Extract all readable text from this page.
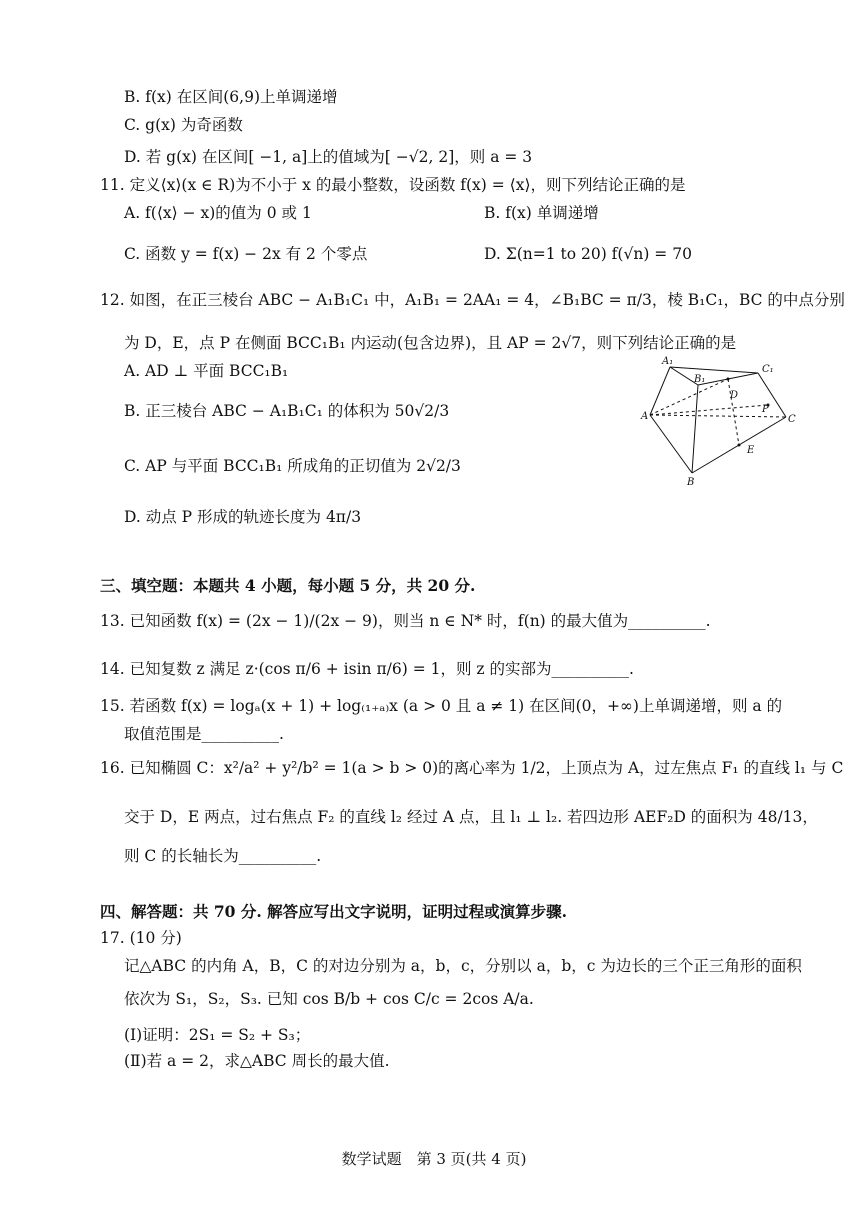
B. f(x) 在区间(6,9)上单调递增
C. g(x) 为奇函数
D. 若 g(x) 在区间[ −1, a]上的值域为[ −√2, 2]，则 a = 3
11. 定义⟨x⟩(x ∈ R)为不小于 x 的最小整数，设函数 f(x) = ⟨x⟩，则下列结论正确的是
A. f(⟨x⟩ − x)的值为 0 或 1	B. f(x) 单调递增
C. 函数 y = f(x) − 2x 有 2 个零点	D. Σ(n=1 to 20) f(√n) = 70
12. 如图，在正三棱台 ABC − A₁B₁C₁ 中，A₁B₁ = 2AA₁ = 4，∠B₁BC = π/3，棱 B₁C₁，BC 的中点分别
为 D，E，点 P 在侧面 BCC₁B₁ 内运动(包含边界)，且 AP = 2√7，则下列结论正确的是
A. AD ⊥ 平面 BCC₁B₁
B. 正三棱台 ABC − A₁B₁C₁ 的体积为 50√2/3
C. AP 与平面 BCC₁B₁ 所成角的正切值为 2√2/3
D. 动点 P 形成的轨迹长度为 4π/3
A₁
B₁
C₁
D
P
A	C
E
B
三、填空题：本题共 4 小题，每小题 5 分，共 20 分.
13. 已知函数 f(x) = (2x − 1)/(2x − 9)，则当 n ∈ N* 时，f(n) 的最大值为__________.
14. 已知复数 z 满足 z·(cos π/6 + isin π/6) = 1，则 z 的实部为__________.
15. 若函数 f(x) = logₐ(x + 1) + log₍₁₊ₐ₎x (a > 0 且 a ≠ 1) 在区间(0，+∞)上单调递增，则 a 的
取值范围是__________.
16. 已知椭圆 C：x²/a² + y²/b² = 1(a > b > 0)的离心率为 1/2，上顶点为 A，过左焦点 F₁ 的直线 l₁ 与 C
交于 D，E 两点，过右焦点 F₂ 的直线 l₂ 经过 A 点，且 l₁ ⊥ l₂. 若四边形 AEF₂D 的面积为 48/13，
则 C 的长轴长为__________.
四、解答题：共 70 分. 解答应写出文字说明，证明过程或演算步骤.
17. (10 分)
记△ABC 的内角 A，B，C 的对边分别为 a，b，c，分别以 a，b，c 为边长的三个正三角形的面积
依次为 S₁，S₂，S₃. 已知 cos B/b + cos C/c = 2cos A/a.
(Ⅰ)证明：2S₁ = S₂ + S₃；
(Ⅱ)若 a = 2，求△ABC 周长的最大值.
数学试题　第 3 页(共 4 页)
